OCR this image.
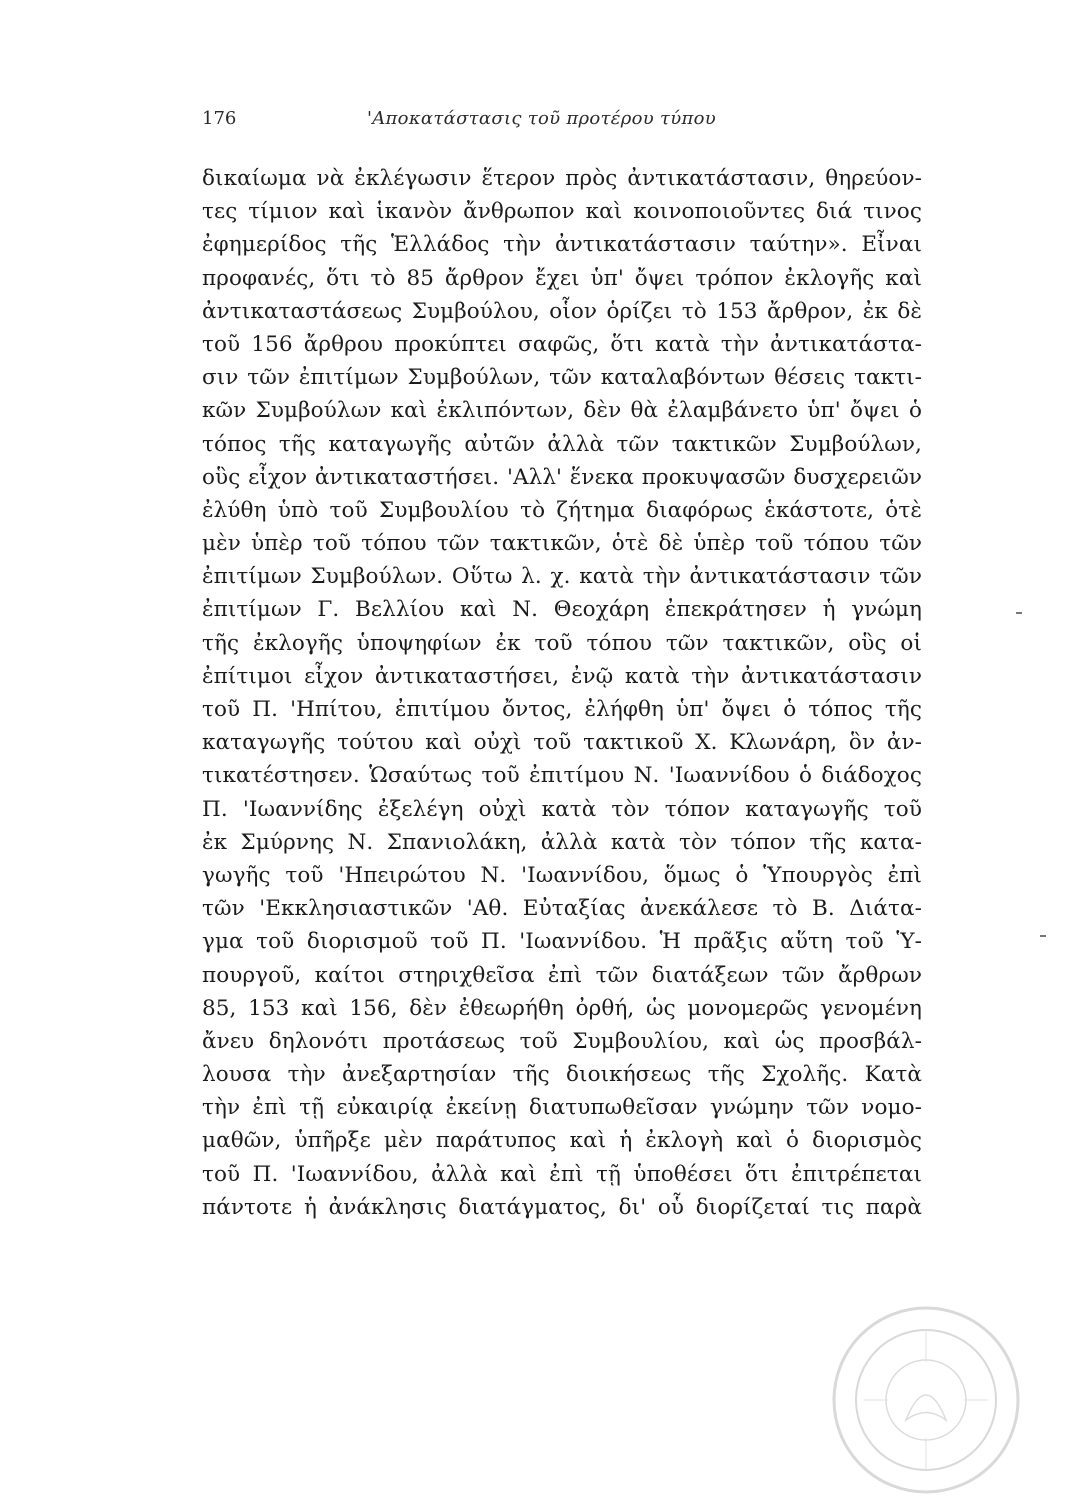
176	'Αποκατάστασις τοῦ προτέρου τύπου
δικαίωμα νὰ ἐκλέγωσιν ἕτερον πρὸς ἀντικατάστασιν, θηρεύον-
τες τίμιον καὶ ἱκανὸν ἄνθρωπον καὶ κοινοποιοῦντες διά τινος
ἐφημερίδος τῆς Ἑλλάδος τὴν ἀντικατάστασιν ταύτην». Εἶναι
προφανές, ὅτι τὸ 85 ἄρθρον ἔχει ὑπ' ὄψει τρόπον ἐκλογῆς καὶ
ἀντικαταστάσεως Συμβούλου, οἷον ὁρίζει τὸ 153 ἄρθρον, ἐκ δὲ
τοῦ 156 ἄρθρου προκύπτει σαφῶς, ὅτι κατὰ τὴν ἀντικατάστα-
σιν τῶν ἐπιτίμων Συμβούλων, τῶν καταλαβόντων θέσεις τακτι-
κῶν Συμβούλων καὶ ἐκλιπόντων, δὲν θὰ ἐλαμβάνετο ὑπ' ὄψει ὁ
τόπος τῆς καταγωγῆς αὐτῶν ἀλλὰ τῶν τακτικῶν Συμβούλων,
οὓς εἶχον ἀντικαταστήσει. 'Αλλ' ἕνεκα προκυψασῶν δυσχερειῶν
ἐλύθη ὑπὸ τοῦ Συμβουλίου τὸ ζήτημα διαφόρως ἑκάστοτε, ὁτὲ
μὲν ὑπὲρ τοῦ τόπου τῶν τακτικῶν, ὁτὲ δὲ ὑπὲρ τοῦ τόπου τῶν
ἐπιτίμων Συμβούλων. Οὕτω λ. χ. κατὰ τὴν ἀντικατάστασιν τῶν
ἐπιτίμων Γ. Βελλίου καὶ Ν. Θεοχάρη ἐπεκράτησεν ἡ γνώμη
τῆς ἐκλογῆς ὑποψηφίων ἐκ τοῦ τόπου τῶν τακτικῶν, οὓς οἱ
ἐπίτιμοι εἶχον ἀντικαταστήσει, ἐνῷ κατὰ τὴν ἀντικατάστασιν
τοῦ Π. 'Ηπίτου, ἐπιτίμου ὄντος, ἐλήφθη ὑπ' ὄψει ὁ τόπος τῆς
καταγωγῆς τούτου καὶ οὐχὶ τοῦ τακτικοῦ Χ. Κλωνάρη, ὃν ἀν-
τικατέστησεν. Ὡσαύτως τοῦ ἐπιτίμου Ν. 'Ιωαννίδου ὁ διάδοχος
Π. 'Ιωαννίδης ἐξελέγη οὐχὶ κατὰ τὸν τόπον καταγωγῆς τοῦ
ἐκ Σμύρνης Ν. Σπανιολάκη, ἀλλὰ κατὰ τὸν τόπον τῆς κατα-
γωγῆς τοῦ 'Ηπειρώτου Ν. 'Ιωαννίδου, ὅμως ὁ Ὑπουργὸς ἐπὶ
τῶν 'Εκκλησιαστικῶν 'Αθ. Εὐταξίας ἀνεκάλεσε τὸ Β. Διάτα-
γμα τοῦ διορισμοῦ τοῦ Π. 'Ιωαννίδου. Ἡ πρᾶξις αὕτη τοῦ Ὑ-
πουργοῦ, καίτοι στηριχθεῖσα ἐπὶ τῶν διατάξεων τῶν ἄρθρων
85, 153 καὶ 156, δὲν ἐθεωρήθη ὀρθή, ὡς μονομερῶς γενομένη
ἄνευ δηλονότι προτάσεως τοῦ Συμβουλίου, καὶ ὡς προσβάλ-
λουσα τὴν ἀνεξαρτησίαν τῆς διοικήσεως τῆς Σχολῆς. Κατὰ
τὴν ἐπὶ τῇ εὐκαιρίᾳ ἐκείνῃ διατυπωθεῖσαν γνώμην τῶν νομο-
μαθῶν, ὑπῆρξε μὲν παράτυπος καὶ ἡ ἐκλογὴ καὶ ὁ διορισμὸς
τοῦ Π. 'Ιωαννίδου, ἀλλὰ καὶ ἐπὶ τῇ ὑποθέσει ὅτι ἐπιτρέπεται
πάντοτε ἡ ἀνάκλησις διατάγματος, δι' οὗ διορίζεταί τις παρὰ
